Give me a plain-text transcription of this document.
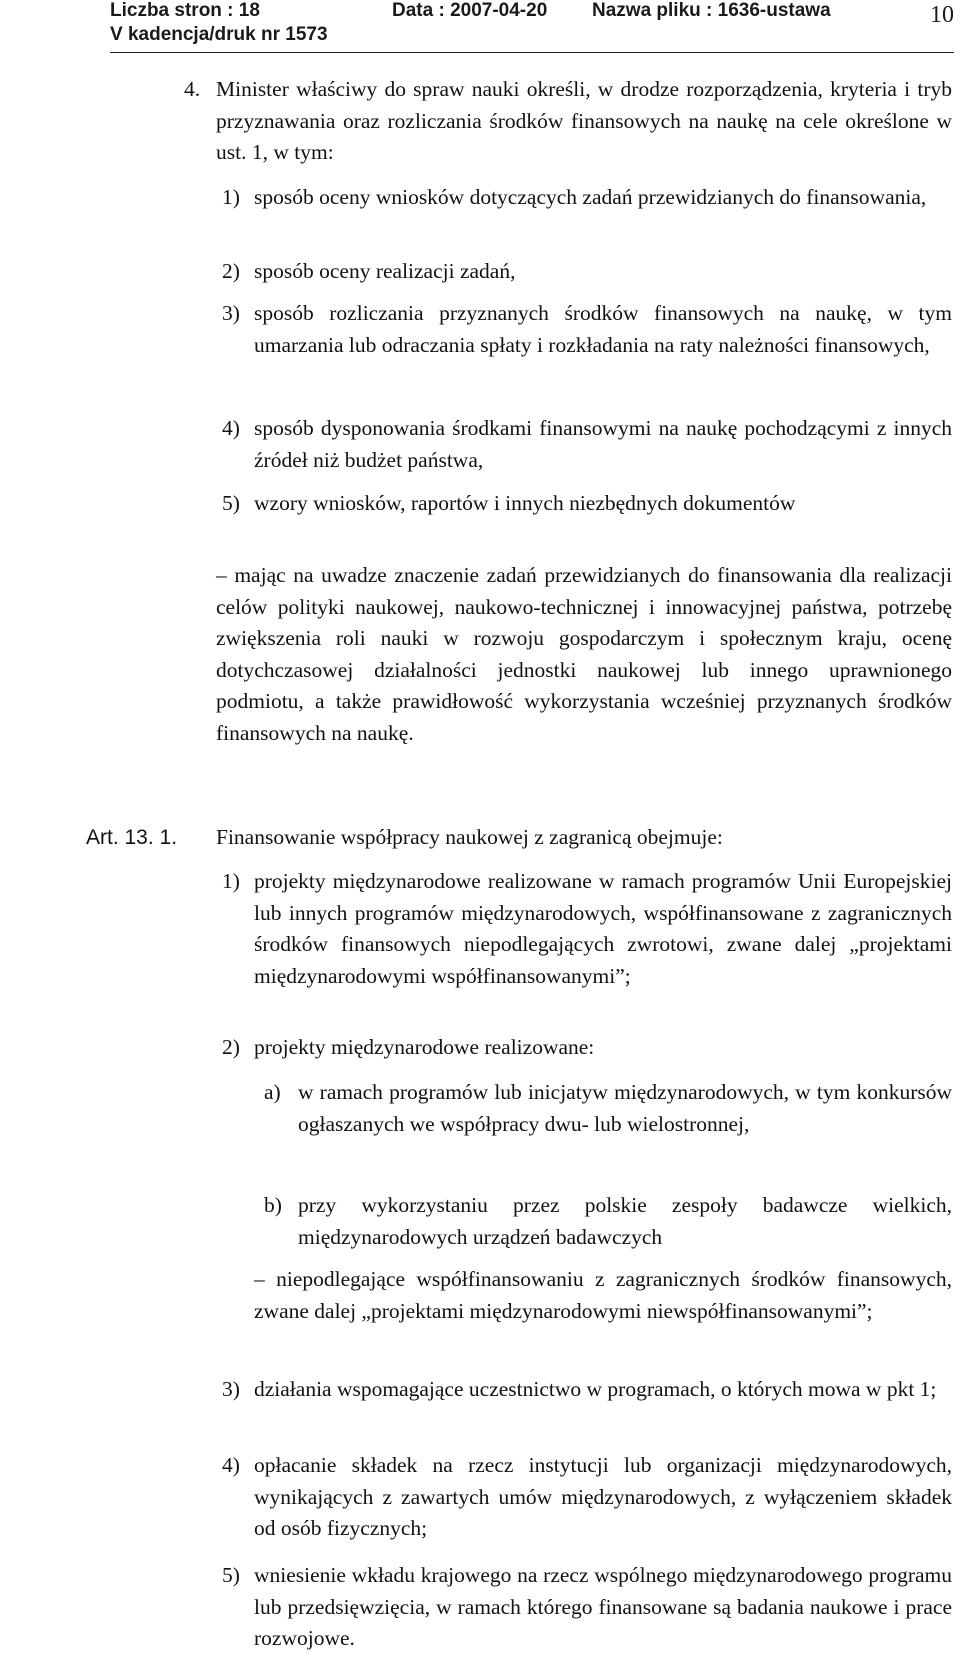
Liczba stron : 18	Data : 2007-04-20 Nazwa pliku : 1636-ustawa
V kadencja/druk nr 1573
10
4. Minister właściwy do spraw nauki określi, w drodze rozporządzenia, kryteria i tryb przyznawania oraz rozliczania środków finansowych na naukę na cele określone w ust. 1, w tym:

1) sposób oceny wniosków dotyczących zadań przewidzianych do finansowania,

2) sposób oceny realizacji zadań,

3) sposób rozliczania przyznanych środków finansowych na naukę, w tym umarzania lub odraczania spłaty i rozkładania na raty należności finansowych,

4) sposób dysponowania środkami finansowymi na naukę pochodzącymi z innych źródeł niż budżet państwa,

5) wzory wniosków, raportów i innych niezbędnych dokumentów

– mając na uwadze znaczenie zadań przewidzianych do finansowania dla realizacji celów polityki naukowej, naukowo-technicznej i innowacyjnej państwa, potrzebę zwiększenia roli nauki w rozwoju gospodarczym i społecznym kraju, ocenę dotychczasowej działalności jednostki naukowej lub innego uprawnionego podmiotu, a także prawidłowość wykorzystania wcześniej przyznanych środków finansowych na naukę.

Art. 13. 1. Finansowanie współpracy naukowej z zagranicą obejmuje:

1) projekty międzynarodowe realizowane w ramach programów Unii Europejskiej lub innych programów międzynarodowych, współfinansowane z zagranicznych środków finansowych niepodlegających zwrotowi, zwane dalej „projektami międzynarodowymi współfinansowanymi”;

2) projekty międzynarodowe realizowane:

a) w ramach programów lub inicjatyw międzynarodowych, w tym konkursów ogłaszanych we współpracy dwu- lub wielostronnej,

b) przy wykorzystaniu przez polskie zespoły badawcze wielkich, międzynarodowych urządzeń badawczych

– niepodlegające współfinansowaniu z zagranicznych środków finansowych, zwane dalej „projektami międzynarodowymi niewspółfinansowanymi”;

3) działania wspomagające uczestnictwo w programach, o których mowa w pkt 1;

4) opłacanie składek na rzecz instytucji lub organizacji międzynarodowych, wynikających z zawartych umów międzynarodowych, z wyłączeniem składek od osób fizycznych;

5) wniesienie wkładu krajowego na rzecz wspólnego międzynarodowego programu lub przedsięwzięcia, w ramach którego finansowane są badania naukowe i prace rozwojowe.
